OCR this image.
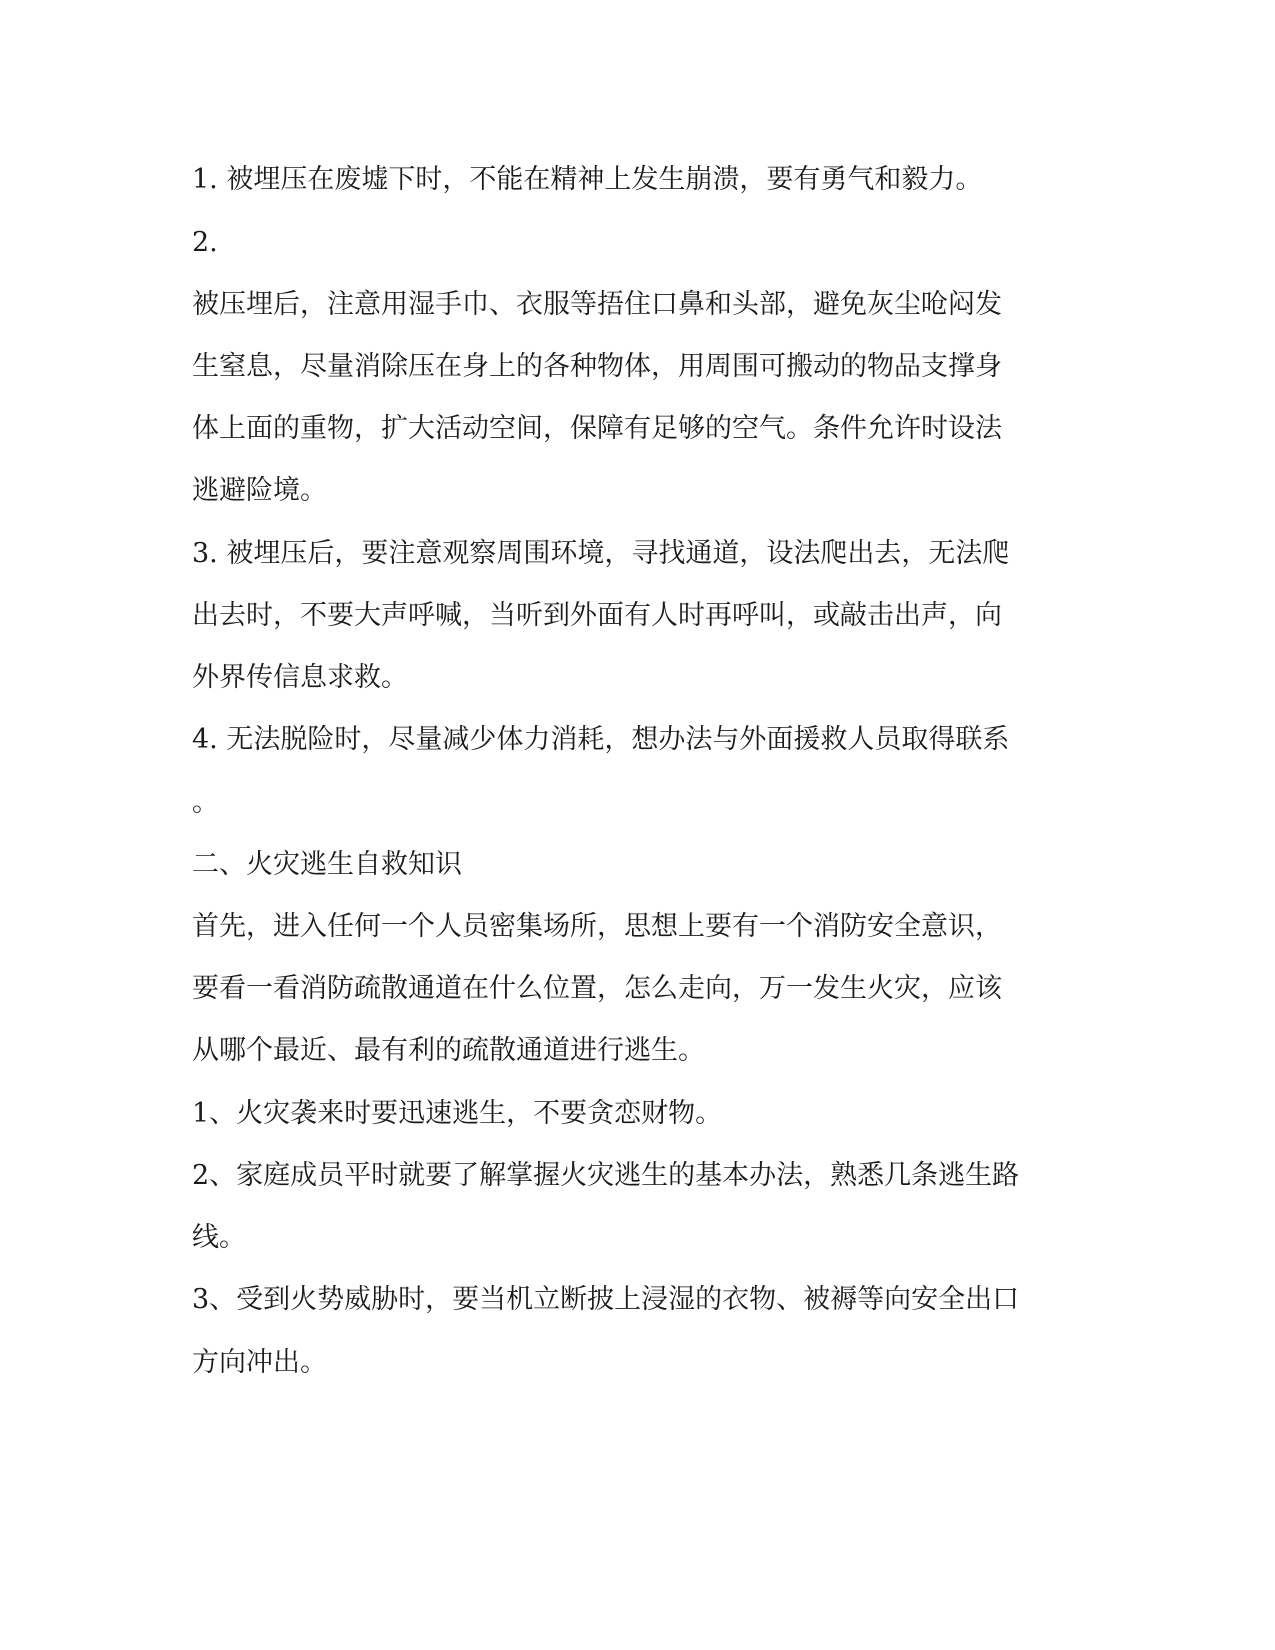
1. 被埋压在废墟下时，不能在精神上发生崩溃，要有勇气和毅力。
2.
被压埋后，注意用湿手巾、衣服等捂住口鼻和头部，避免灰尘呛闷发
生窒息，尽量消除压在身上的各种物体，用周围可搬动的物品支撑身
体上面的重物，扩大活动空间，保障有足够的空气。条件允许时设法
逃避险境。
3. 被埋压后，要注意观察周围环境，寻找通道，设法爬出去，无法爬
出去时，不要大声呼喊，当听到外面有人时再呼叫，或敲击出声，向
外界传信息求救。
4. 无法脱险时，尽量减少体力消耗，想办法与外面援救人员取得联系
。
二、火灾逃生自救知识
首先，进入任何一个人员密集场所，思想上要有一个消防安全意识，
要看一看消防疏散通道在什么位置，怎么走向，万一发生火灾，应该
从哪个最近、最有利的疏散通道进行逃生。
1、火灾袭来时要迅速逃生，不要贪恋财物。
2、家庭成员平时就要了解掌握火灾逃生的基本办法，熟悉几条逃生路
线。
3、受到火势威胁时，要当机立断披上浸湿的衣物、被褥等向安全出口
方向冲出。
